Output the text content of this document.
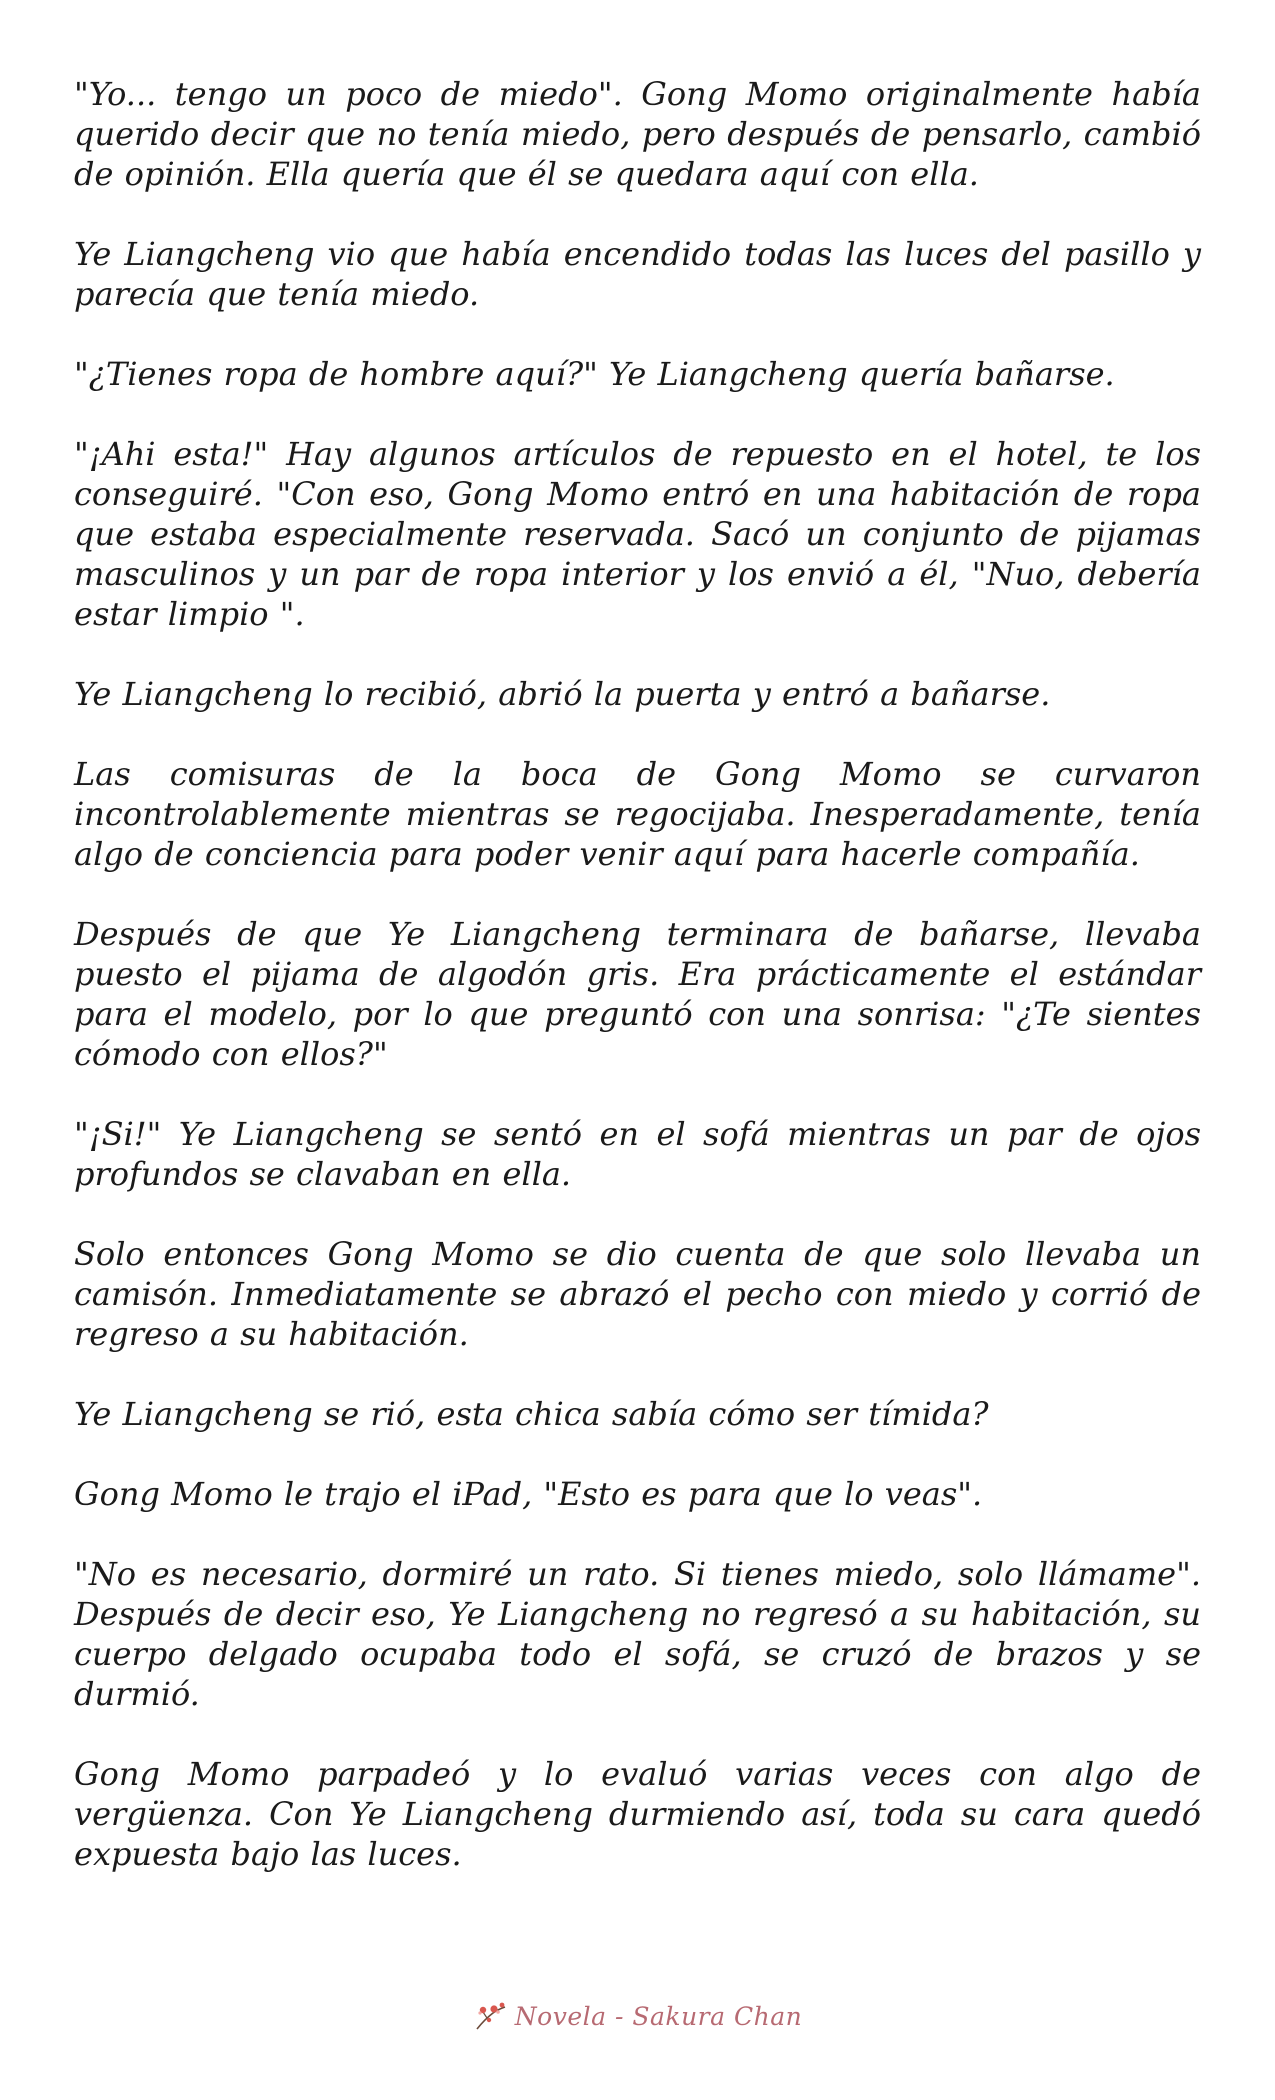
"Yo... tengo un poco de miedo". Gong Momo originalmente había querido decir que no tenía miedo, pero después de pensarlo, cambió de opinión. Ella quería que él se quedara aquí con ella.

Ye Liangcheng vio que había encendido todas las luces del pasillo y parecía que tenía miedo.

"¿Tienes ropa de hombre aquí?" Ye Liangcheng quería bañarse.

"¡Ahi esta!" Hay algunos artículos de repuesto en el hotel, te los conseguiré. "Con eso, Gong Momo entró en una habitación de ropa que estaba especialmente reservada. Sacó un conjunto de pijamas masculinos y un par de ropa interior y los envió a él, "Nuo, debería estar limpio ".

Ye Liangcheng lo recibió, abrió la puerta y entró a bañarse.

Las comisuras de la boca de Gong Momo se curvaron incontrolablemente mientras se regocijaba. Inesperadamente, tenía algo de conciencia para poder venir aquí para hacerle compañía.

Después de que Ye Liangcheng terminara de bañarse, llevaba puesto el pijama de algodón gris. Era prácticamente el estándar para el modelo, por lo que preguntó con una sonrisa: "¿Te sientes cómodo con ellos?"

"¡Si!" Ye Liangcheng se sentó en el sofá mientras un par de ojos profundos se clavaban en ella.

Solo entonces Gong Momo se dio cuenta de que solo llevaba un camisón. Inmediatamente se abrazó el pecho con miedo y corrió de regreso a su habitación.

Ye Liangcheng se rió, esta chica sabía cómo ser tímida?

Gong Momo le trajo el iPad, "Esto es para que lo veas".

"No es necesario, dormiré un rato. Si tienes miedo, solo llámame". Después de decir eso, Ye Liangcheng no regresó a su habitación, su cuerpo delgado ocupaba todo el sofá, se cruzó de brazos y se durmió.

Gong Momo parpadeó y lo evaluó varias veces con algo de vergüenza. Con Ye Liangcheng durmiendo así, toda su cara quedó expuesta bajo las luces.

Novela - Sakura Chan
